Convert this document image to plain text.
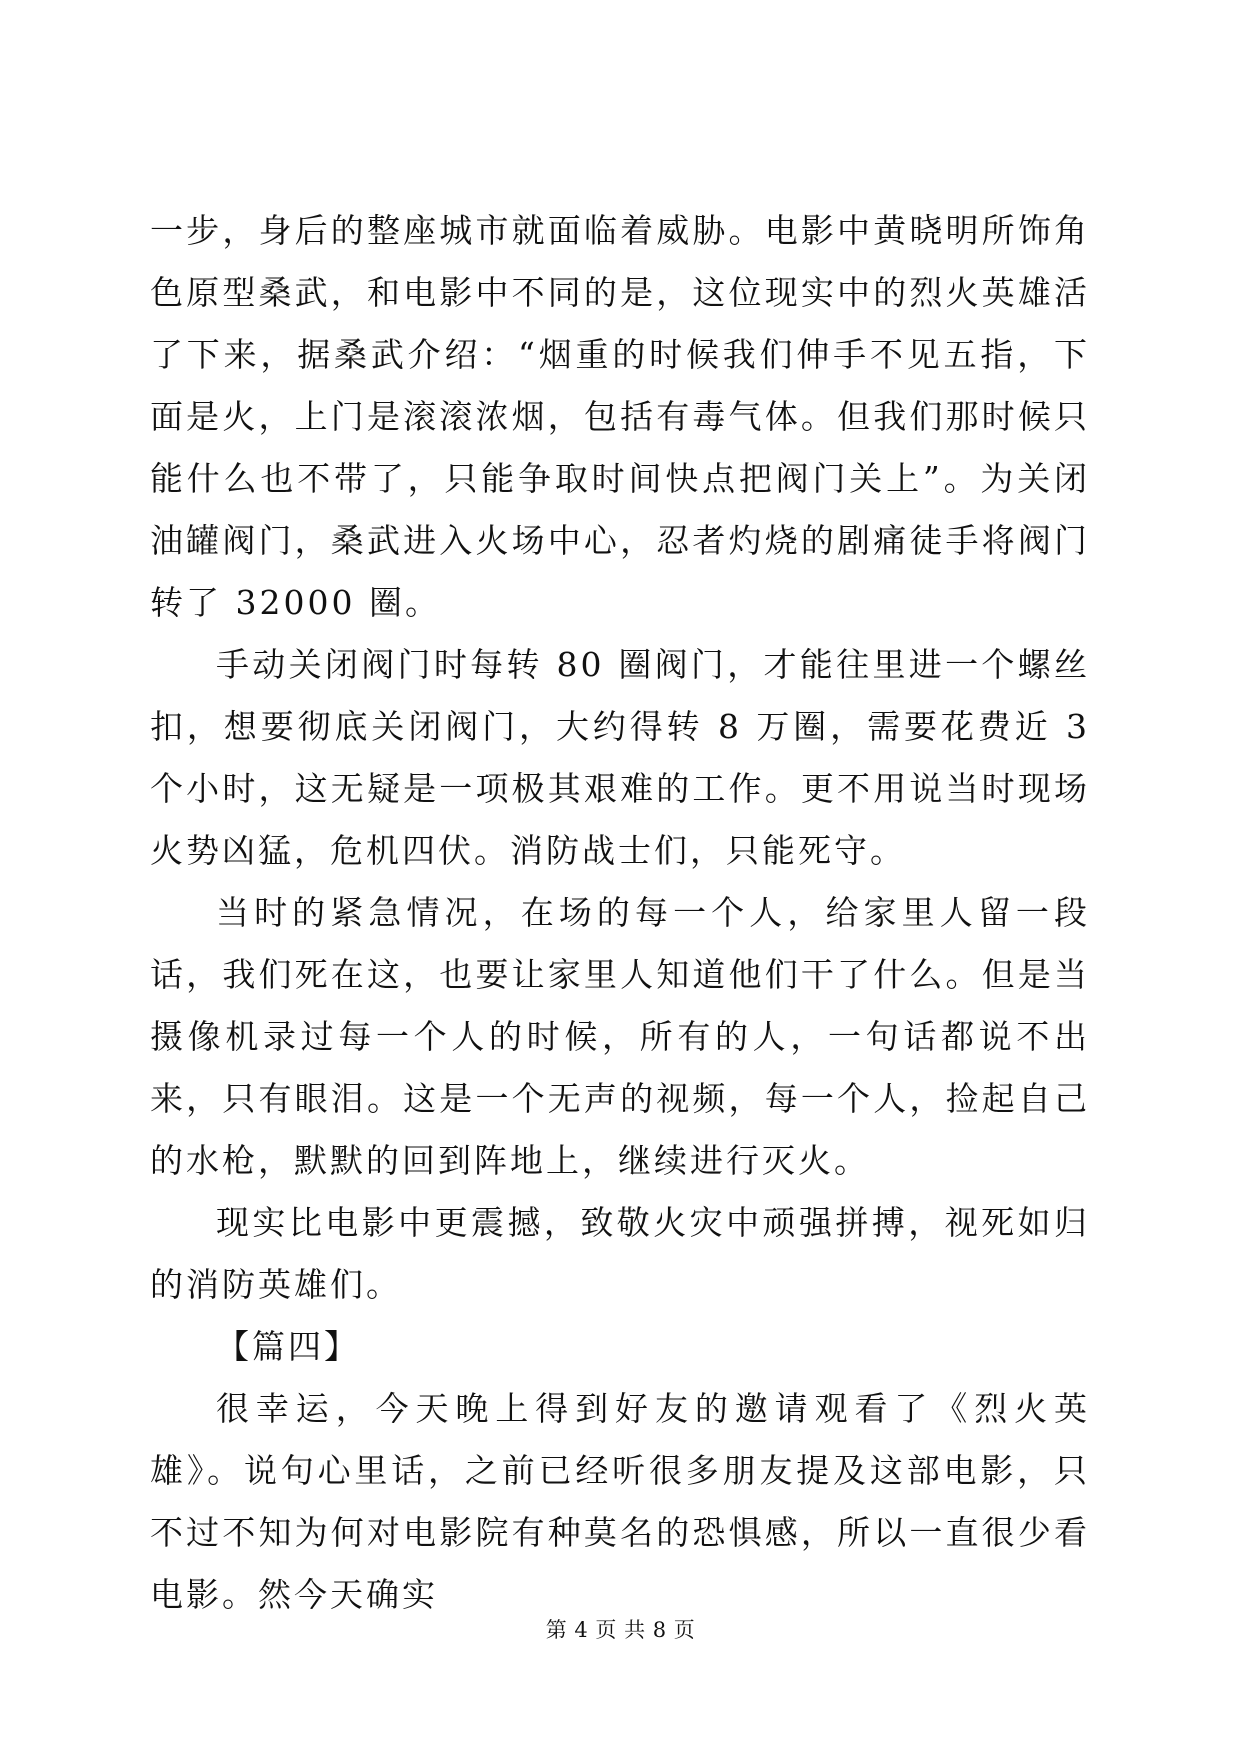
一步，身后的整座城市就面临着威胁。电影中黄晓明所饰角色原型桑武，和电影中不同的是，这位现实中的烈火英雄活了下来，据桑武介绍：“烟重的时候我们伸手不见五指，下面是火，上门是滚滚浓烟，包括有毒气体。但我们那时候只能什么也不带了，只能争取时间快点把阀门关上”。为关闭油罐阀门，桑武进入火场中心，忍者灼烧的剧痛徒手将阀门转了 32000 圈。

手动关闭阀门时每转 80 圈阀门，才能往里进一个螺丝扣，想要彻底关闭阀门，大约得转 8 万圈，需要花费近 3 个小时，这无疑是一项极其艰难的工作。更不用说当时现场火势凶猛，危机四伏。消防战士们，只能死守。

当时的紧急情况，在场的每一个人，给家里人留一段话，我们死在这，也要让家里人知道他们干了什么。但是当摄像机录过每一个人的时候，所有的人，一句话都说不出来，只有眼泪。这是一个无声的视频，每一个人，捡起自己的水枪，默默的回到阵地上，继续进行灭火。

现实比电影中更震撼，致敬火灾中顽强拼搏，视死如归的消防英雄们。

【篇四】

很幸运，今天晚上得到好友的邀请观看了《烈火英雄》。说句心里话，之前已经听很多朋友提及这部电影，只不过不知为何对电影院有种莫名的恐惧感，所以一直很少看电影。然今天确实

第 4 页 共 8 页
